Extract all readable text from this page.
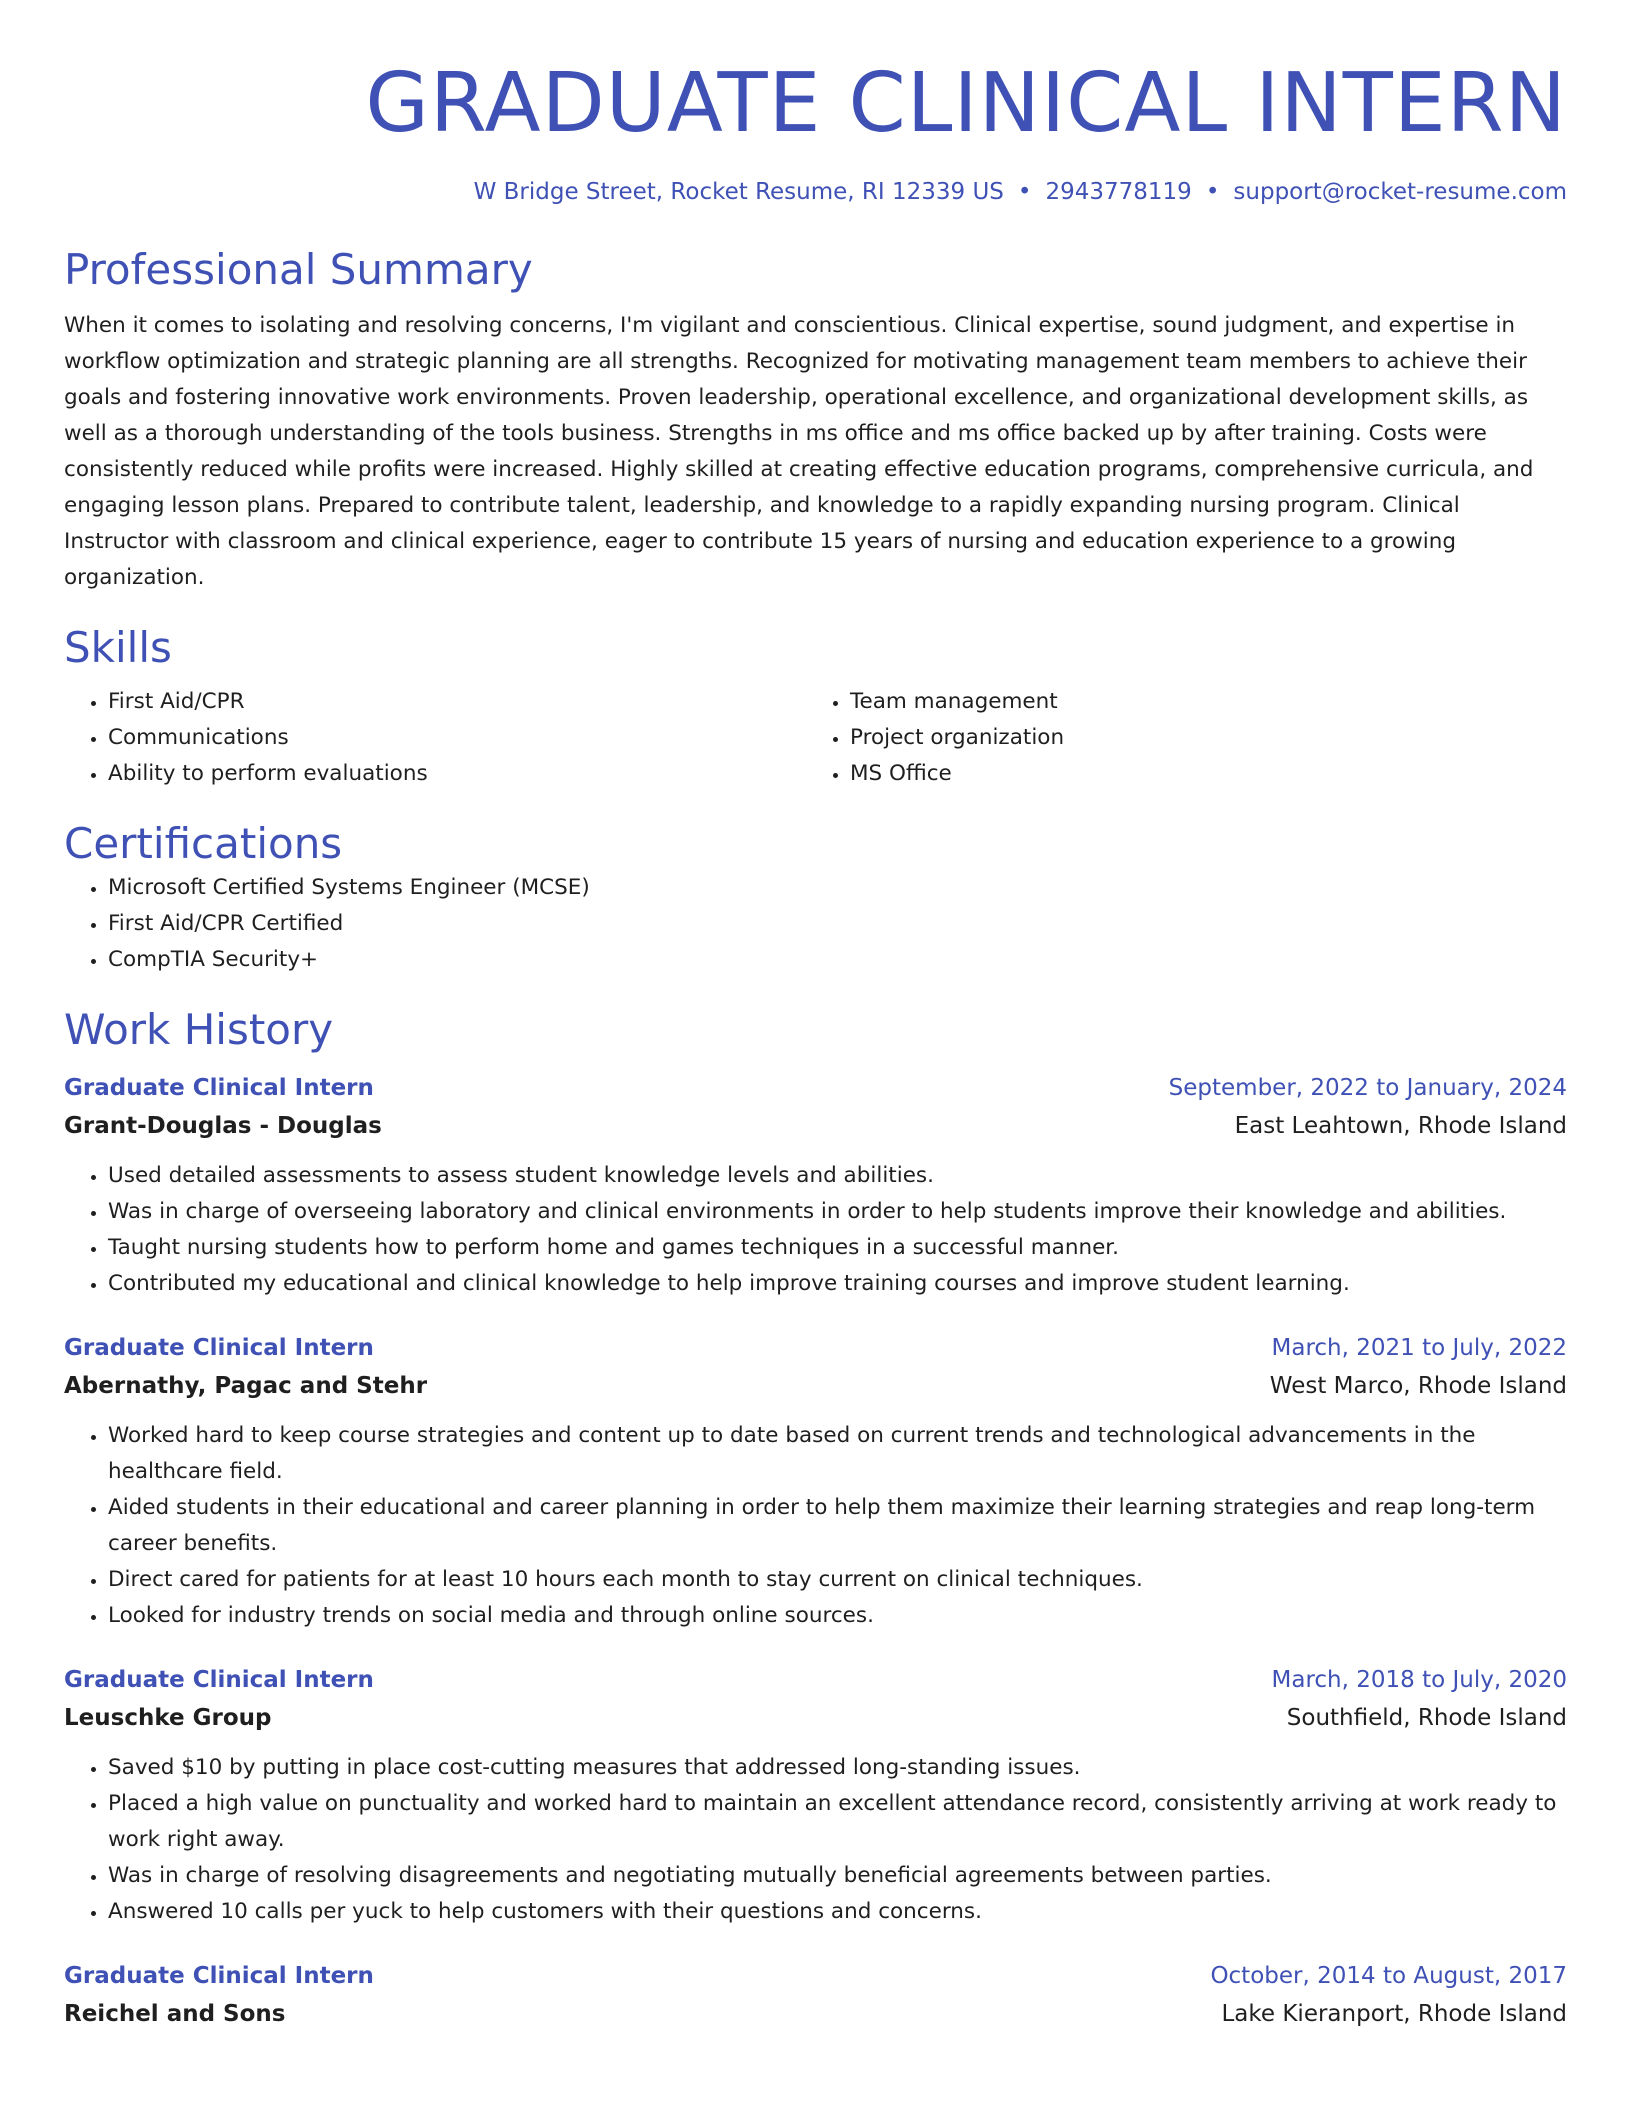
GRADUATE CLINICAL INTERN
W Bridge Street, Rocket Resume, RI 12339 US • 2943778119 • support@rocket-resume.com
Professional Summary

When it comes to isolating and resolving concerns, I'm vigilant and conscientious. Clinical expertise, sound judgment, and expertise in workflow optimization and strategic planning are all strengths. Recognized for motivating management team members to achieve their goals and fostering innovative work environments. Proven leadership, operational excellence, and organizational development skills, as well as a thorough understanding of the tools business. Strengths in ms office and ms office backed up by after training. Costs were consistently reduced while profits were increased. Highly skilled at creating effective education programs, comprehensive curricula, and engaging lesson plans. Prepared to contribute talent, leadership, and knowledge to a rapidly expanding nursing program. Clinical Instructor with classroom and clinical experience, eager to contribute 15 years of nursing and education experience to a growing organization.

Skills
• First Aid/CPR
• Communications
• Ability to perform evaluations
• Team management
• Project organization
• MS Office
Certifications
• Microsoft Certified Systems Engineer (MCSE)
• First Aid/CPR Certified
• CompTIA Security+
Work History
Graduate Clinical Intern	September, 2022 to January, 2024
Grant-Douglas - Douglas	East Leahtown, Rhode Island
• Used detailed assessments to assess student knowledge levels and abilities.
• Was in charge of overseeing laboratory and clinical environments in order to help students improve their knowledge and abilities.
• Taught nursing students how to perform home and games techniques in a successful manner.
• Contributed my educational and clinical knowledge to help improve training courses and improve student learning.
Graduate Clinical Intern	March, 2021 to July, 2022
Abernathy, Pagac and Stehr	West Marco, Rhode Island
• Worked hard to keep course strategies and content up to date based on current trends and technological advancements in the healthcare field.
• Aided students in their educational and career planning in order to help them maximize their learning strategies and reap long-term career benefits.
• Direct cared for patients for at least 10 hours each month to stay current on clinical techniques.
• Looked for industry trends on social media and through online sources.
Graduate Clinical Intern	March, 2018 to July, 2020
Leuschke Group	Southfield, Rhode Island
• Saved $10 by putting in place cost-cutting measures that addressed long-standing issues.
• Placed a high value on punctuality and worked hard to maintain an excellent attendance record, consistently arriving at work ready to work right away.
• Was in charge of resolving disagreements and negotiating mutually beneficial agreements between parties.
• Answered 10 calls per yuck to help customers with their questions and concerns.
Graduate Clinical Intern	October, 2014 to August, 2017
Reichel and Sons	Lake Kieranport, Rhode Island
